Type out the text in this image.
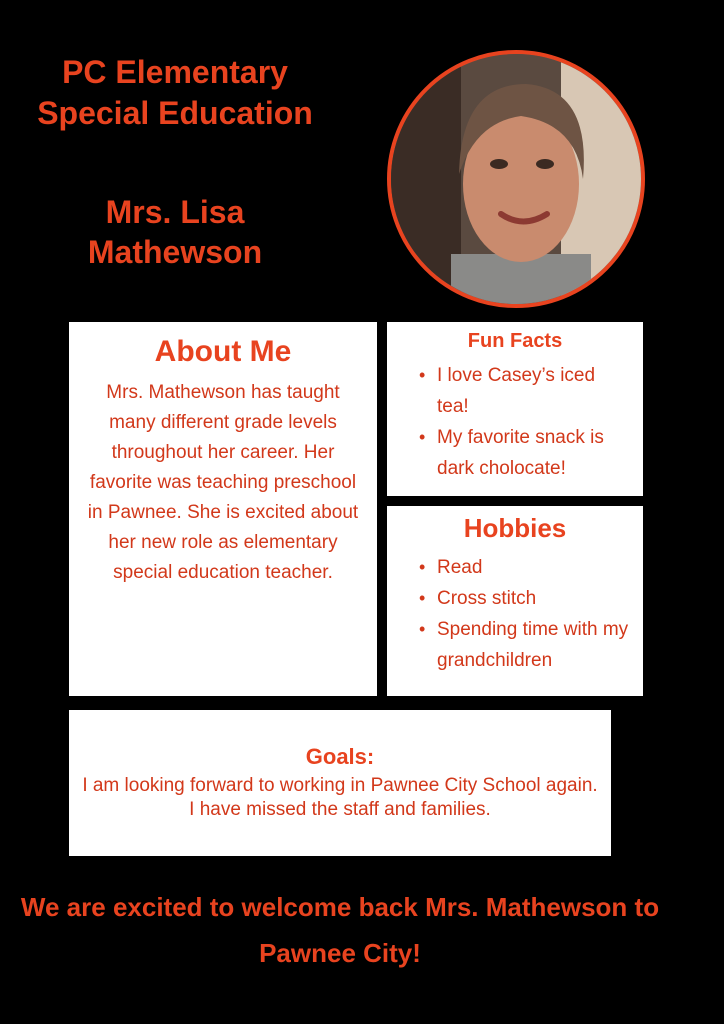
PC Elementary Special Education
Mrs. Lisa Mathewson
About Me

Mrs. Mathewson has taught many different grade levels throughout her career. Her favorite was teaching preschool in Pawnee. She is excited about her new role as elementary special education teacher.

Fun Facts
• I love Casey’s iced tea!
• My favorite snack is dark cholocate!
Hobbies
• Read
• Cross stitch
• Spending time with my grandchildren
Goals:

I am looking forward to working in Pawnee City School again. I have missed the staff and families.

We are excited to welcome back Mrs. Mathewson to Pawnee City!
